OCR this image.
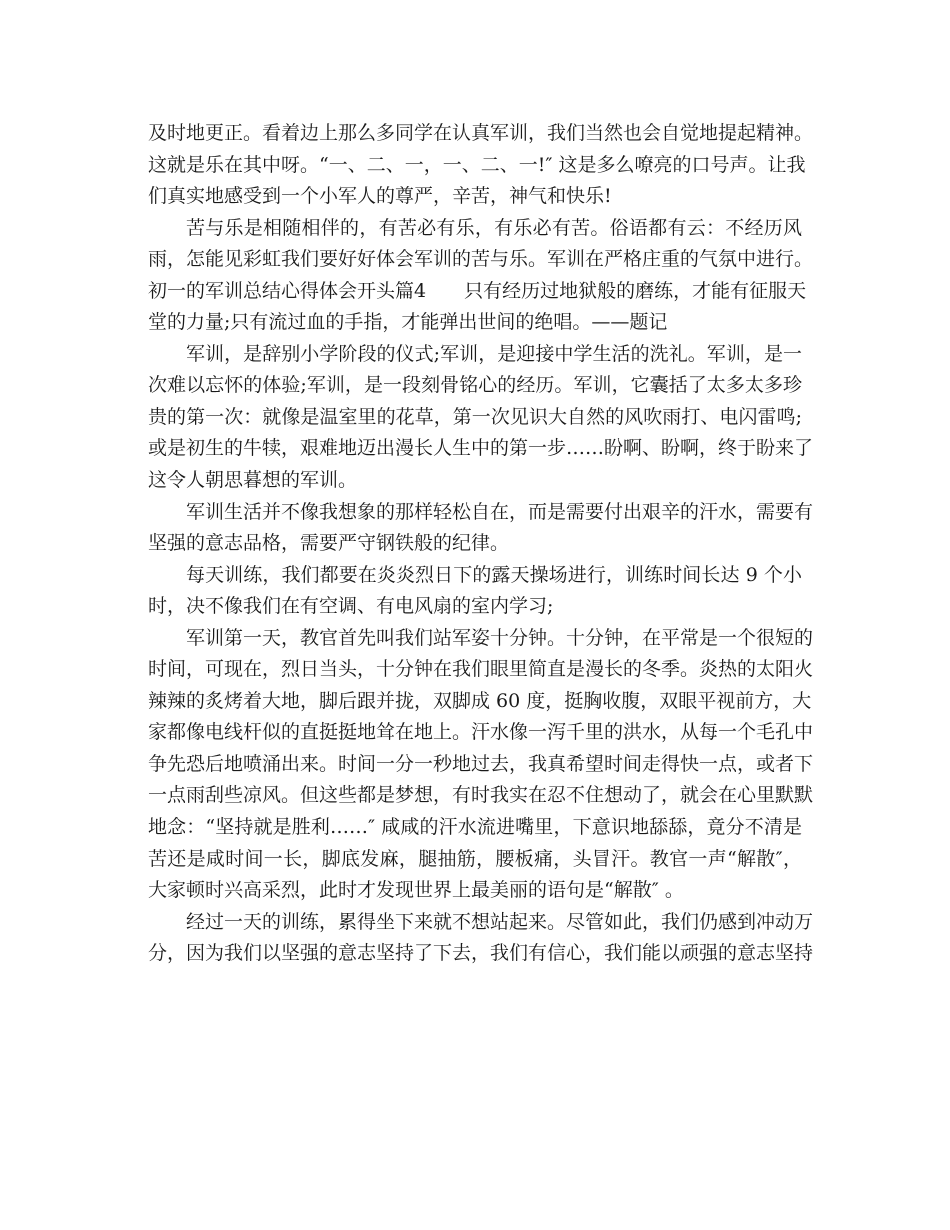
及时地更正。看着边上那么多同学在认真军训，我们当然也会自觉地提起精神。
这就是乐在其中呀。“一、二、一，一、二、一!″ 这是多么嘹亮的口号声。让我
们真实地感受到一个小军人的尊严，辛苦，神气和快乐!
苦与乐是相随相伴的，有苦必有乐，有乐必有苦。俗语都有云：不经历风
雨，怎能见彩虹我们要好好体会军训的苦与乐。军训在严格庄重的气氛中进行。
初一的军训总结心得体会开头篇4　　只有经历过地狱般的磨练，才能有征服天
堂的力量;只有流过血的手指，才能弹出世间的绝唱。——题记
军训，是辞别小学阶段的仪式;军训，是迎接中学生活的洗礼。军训，是一
次难以忘怀的体验;军训，是一段刻骨铭心的经历。军训，它囊括了太多太多珍
贵的第一次：就像是温室里的花草，第一次见识大自然的风吹雨打、电闪雷鸣;
或是初生的牛犊，艰难地迈出漫长人生中的第一步……盼啊、盼啊，终于盼来了
这令人朝思暮想的军训。
军训生活并不像我想象的那样轻松自在，而是需要付出艰辛的汗水，需要有
坚强的意志品格，需要严守钢铁般的纪律。
每天训练，我们都要在炎炎烈日下的露天操场进行，训练时间长达 9 个小
时，决不像我们在有空调、有电风扇的室内学习;
军训第一天，教官首先叫我们站军姿十分钟。十分钟，在平常是一个很短的
时间，可现在，烈日当头，十分钟在我们眼里简直是漫长的冬季。炎热的太阳火
辣辣的炙烤着大地，脚后跟并拢，双脚成 60 度，挺胸收腹，双眼平视前方，大
家都像电线杆似的直挺挺地耸在地上。汗水像一泻千里的洪水，从每一个毛孔中
争先恐后地喷涌出来。时间一分一秒地过去，我真希望时间走得快一点，或者下
一点雨刮些凉风。但这些都是梦想，有时我实在忍不住想动了，就会在心里默默
地念：“坚持就是胜利……″ 咸咸的汗水流进嘴里，下意识地舔舔，竟分不清是
苦还是咸时间一长，脚底发麻，腿抽筋，腰板痛，头冒汗。教官一声“解散″，
大家顿时兴高采烈，此时才发现世界上最美丽的语句是“解散″ 。
经过一天的训练，累得坐下来就不想站起来。尽管如此，我们仍感到冲动万
分，因为我们以坚强的意志坚持了下去，我们有信心，我们能以顽强的意志坚持
